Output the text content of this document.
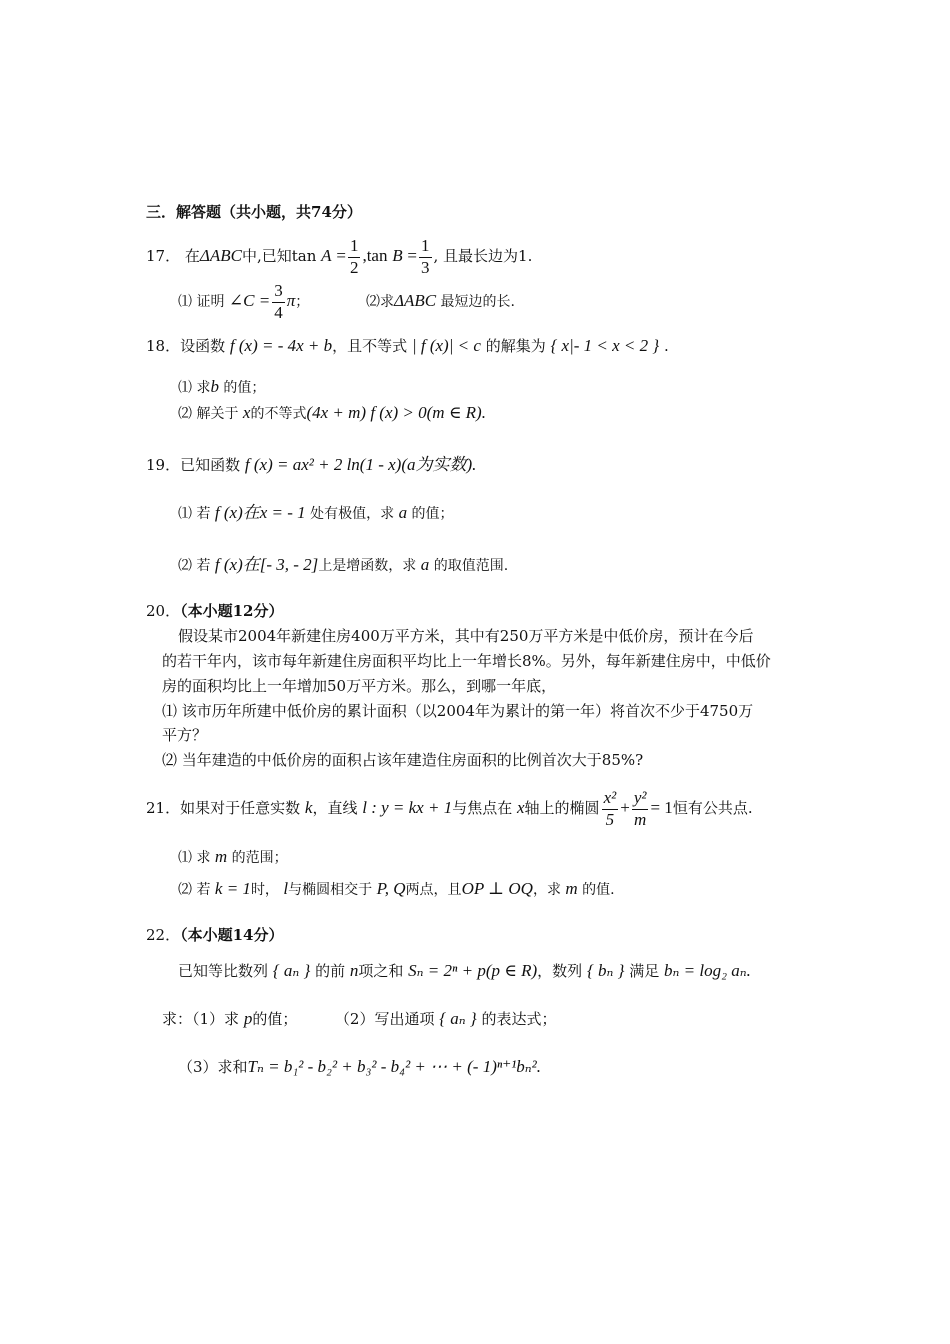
三．解答题（共小题，共74分）
17． 在ΔABC中,已知$\tan A = \frac{1}{2} ,\tan$ $B = \frac{1}{3}$ , 且最长边为1.
⑴ 证明 ∠C = $\frac{3}{4}$ π；	⑵求ΔABC 最短边的长.
18．设函数 f (x) = - 4x + b，且不等式 | f (x)| < c 的解集为 { x|- 1 < x < 2 } .
⑴ 求b 的值；
⑵ 解关于 x的不等式(4x + m) f (x) > 0(m ∈ R).
19．已知函数 f (x) = ax² + 2 ln(1 - x)(a为实数).
⑴ 若 f (x)在x = - 1 处有极值，求 a 的值；
⑵ 若 f (x)在[- 3, - 2]上是增函数，求 a 的取值范围.
20．（本小题12分）
假设某市2004年新建住房400万平方米，其中有250万平方米是中低价房，预计在今后
的若干年内，该市每年新建住房面积平均比上一年增长8%。另外，每年新建住房中，中低价
房的面积均比上一年增加50万平方米。那么，到哪一年底，
⑴ 该市历年所建中低价房的累计面积（以2004年为累计的第一年）将首次不少于4750万
平方？
⑵ 当年建造的中低价房的面积占该年建造住房面积的比例首次大于85%?
21．如果对于任意实数 k，直线 l : y = kx + 1与焦点在 x轴上的椭圆 $\frac{\text{x²}}{5} + \frac{\text{y²}}{m} = 1$恒有公共点.
⑴ 求 m 的范围；
⑵ 若 k = 1时， l与椭圆相交于 P, Q两点，且OP ⊥ OQ，求 m 的值.
22．（本小题14分）
已知等比数列 { aₙ } 的前 n项之和 Sₙ = 2ⁿ + p(p ∈ R)，数列 { bₙ } 满足 bₙ = log₂ aₙ.
求：（1）求 p的值；	（2）写出通项 { aₙ } 的表达式；
（3）求和Tₙ = b₁² - b₂² + b₃² - b₄² + ⋯ + (- 1)ⁿ⁺¹bₙ².
